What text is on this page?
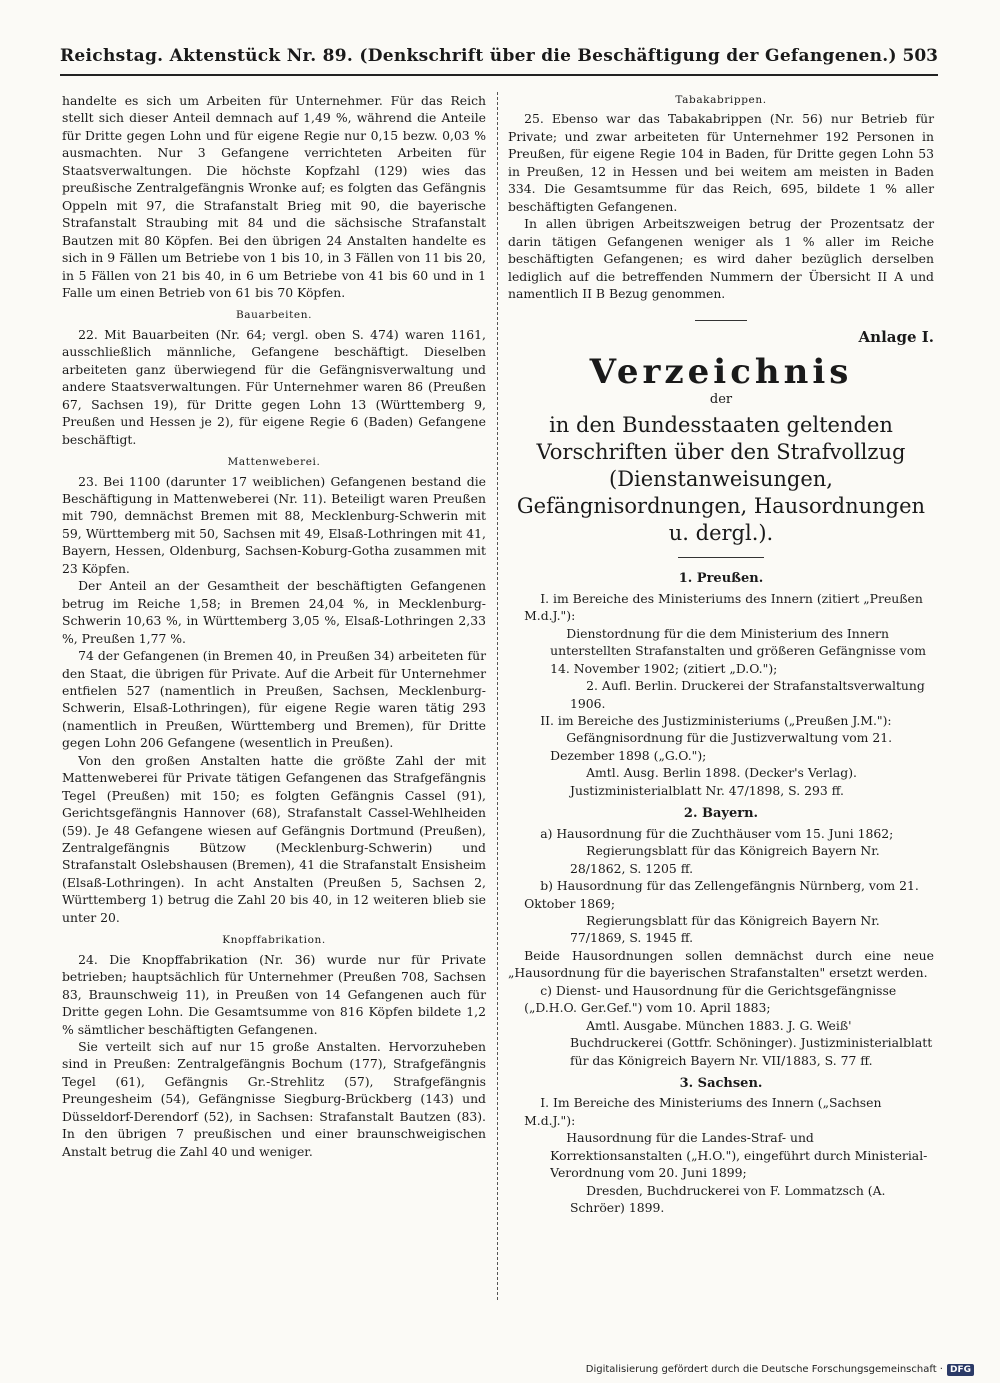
Reichstag. Aktenstück Nr. 89. (Denkschrift über die Beschäftigung der Gefangenen.) 503

handelte es sich um Arbeiten für Unternehmer. Für das Reich stellt sich dieser Anteil demnach auf 1,49 %, während die Anteile für Dritte gegen Lohn und für eigene Regie nur 0,15 bezw. 0,03 % ausmachten. Nur 3 Gefangene verrichteten Arbeiten für Staatsverwaltungen. Die höchste Kopfzahl (129) wies das preußische Zentralgefängnis Wronke auf; es folgten das Gefängnis Oppeln mit 97, die Strafanstalt Brieg mit 90, die bayerische Strafanstalt Straubing mit 84 und die sächsische Strafanstalt Bautzen mit 80 Köpfen. Bei den übrigen 24 Anstalten handelte es sich in 9 Fällen um Betriebe von 1 bis 10, in 3 Fällen von 11 bis 20, in 5 Fällen von 21 bis 40, in 6 um Betriebe von 41 bis 60 und in 1 Falle um einen Betrieb von 61 bis 70 Köpfen.

Bauarbeiten.

22. Mit Bauarbeiten (Nr. 64; vergl. oben S. 474) waren 1161, ausschließlich männliche, Gefangene beschäftigt. Dieselben arbeiteten ganz überwiegend für die Gefängnisverwaltung und andere Staatsverwaltungen. Für Unternehmer waren 86 (Preußen 67, Sachsen 19), für Dritte gegen Lohn 13 (Württemberg 9, Preußen und Hessen je 2), für eigene Regie 6 (Baden) Gefangene beschäftigt.

Mattenweberei.

23. Bei 1100 (darunter 17 weiblichen) Gefangenen bestand die Beschäftigung in Mattenweberei (Nr. 11). Beteiligt waren Preußen mit 790, demnächst Bremen mit 88, Mecklenburg-Schwerin mit 59, Württemberg mit 50, Sachsen mit 49, Elsaß-Lothringen mit 41, Bayern, Hessen, Oldenburg, Sachsen-Koburg-Gotha zusammen mit 23 Köpfen.

Der Anteil an der Gesamtheit der beschäftigten Gefangenen betrug im Reiche 1,58; in Bremen 24,04 %, in Mecklenburg-Schwerin 10,63 %, in Württemberg 3,05 %, Elsaß-Lothringen 2,33 %, Preußen 1,77 %.

74 der Gefangenen (in Bremen 40, in Preußen 34) arbeiteten für den Staat, die übrigen für Private. Auf die Arbeit für Unternehmer entfielen 527 (namentlich in Preußen, Sachsen, Mecklenburg-Schwerin, Elsaß-Lothringen), für eigene Regie waren tätig 293 (namentlich in Preußen, Württemberg und Bremen), für Dritte gegen Lohn 206 Gefangene (wesentlich in Preußen).

Von den großen Anstalten hatte die größte Zahl der mit Mattenweberei für Private tätigen Gefangenen das Strafgefängnis Tegel (Preußen) mit 150; es folgten Gefängnis Cassel (91), Gerichtsgefängnis Hannover (68), Strafanstalt Cassel-Wehlheiden (59). Je 48 Gefangene wiesen auf Gefängnis Dortmund (Preußen), Zentralgefängnis Bützow (Mecklenburg-Schwerin) und Strafanstalt Oslebshausen (Bremen), 41 die Strafanstalt Ensisheim (Elsaß-Lothringen). In acht Anstalten (Preußen 5, Sachsen 2, Württemberg 1) betrug die Zahl 20 bis 40, in 12 weiteren blieb sie unter 20.

Knopffabrikation.

24. Die Knopffabrikation (Nr. 36) wurde nur für Private betrieben; hauptsächlich für Unternehmer (Preußen 708, Sachsen 83, Braunschweig 11), in Preußen von 14 Gefangenen auch für Dritte gegen Lohn. Die Gesamtsumme von 816 Köpfen bildete 1,2 % sämtlicher beschäftigten Gefangenen.

Sie verteilt sich auf nur 15 große Anstalten. Hervorzuheben sind in Preußen: Zentralgefängnis Bochum (177), Strafgefängnis Tegel (61), Gefängnis Gr.-Strehlitz (57), Strafgefängnis Preungesheim (54), Gefängnisse Siegburg-Brückberg (143) und Düsseldorf-Derendorf (52), in Sachsen: Strafanstalt Bautzen (83). In den übrigen 7 preußischen und einer braunschweigischen Anstalt betrug die Zahl 40 und weniger.

Tabakabrippen.

25. Ebenso war das Tabakabrippen (Nr. 56) nur Betrieb für Private; und zwar arbeiteten für Unternehmer 192 Personen in Preußen, für eigene Regie 104 in Baden, für Dritte gegen Lohn 53 in Preußen, 12 in Hessen und bei weitem am meisten in Baden 334. Die Gesamtsumme für das Reich, 695, bildete 1 % aller beschäftigten Gefangenen.

In allen übrigen Arbeitszweigen betrug der Prozentsatz der darin tätigen Gefangenen weniger als 1 % aller im Reiche beschäftigten Gefangenen; es wird daher bezüglich derselben lediglich auf die betreffenden Nummern der Übersicht II A und namentlich II B Bezug genommen.

Anlage I.
Verzeichnis
der
in den Bundesstaaten geltenden Vorschriften über den Strafvollzug (Dienstanweisungen, Gefängnisordnungen, Hausordnungen u. dergl.).
1. Preußen.

I. im Bereiche des Ministeriums des Innern (zitiert „Preußen M.d.J."):

Dienstordnung für die dem Ministerium des Innern unterstellten Strafanstalten und größeren Gefängnisse vom 14. November 1902; (zitiert „D.O.");

2. Aufl. Berlin. Druckerei der Strafanstaltsverwaltung 1906.

II. im Bereiche des Justizministeriums („Preußen J.M."):

Gefängnisordnung für die Justizverwaltung vom 21. Dezember 1898 („G.O.");

Amtl. Ausg. Berlin 1898. (Decker's Verlag). Justizministerialblatt Nr. 47/1898, S. 293 ff.

2. Bayern.

a) Hausordnung für die Zuchthäuser vom 15. Juni 1862;

Regierungsblatt für das Königreich Bayern Nr. 28/1862, S. 1205 ff.

b) Hausordnung für das Zellengefängnis Nürnberg, vom 21. Oktober 1869;

Regierungsblatt für das Königreich Bayern Nr. 77/1869, S. 1945 ff.

Beide Hausordnungen sollen demnächst durch eine neue „Hausordnung für die bayerischen Strafanstalten" ersetzt werden.

c) Dienst- und Hausordnung für die Gerichtsgefängnisse („D.H.O. Ger.Gef.") vom 10. April 1883;

Amtl. Ausgabe. München 1883. J. G. Weiß' Buchdruckerei (Gottfr. Schöninger). Justizministerialblatt für das Königreich Bayern Nr. VII/1883, S. 77 ff.

3. Sachsen.

I. Im Bereiche des Ministeriums des Innern („Sachsen M.d.J."):

Hausordnung für die Landes-Straf- und Korrektionsanstalten („H.O."), eingeführt durch Ministerial-Verordnung vom 20. Juni 1899;

Dresden, Buchdruckerei von F. Lommatzsch (A. Schröer) 1899.

Digitalisierung gefördert durch die Deutsche Forschungsgemeinschaft · DFG
